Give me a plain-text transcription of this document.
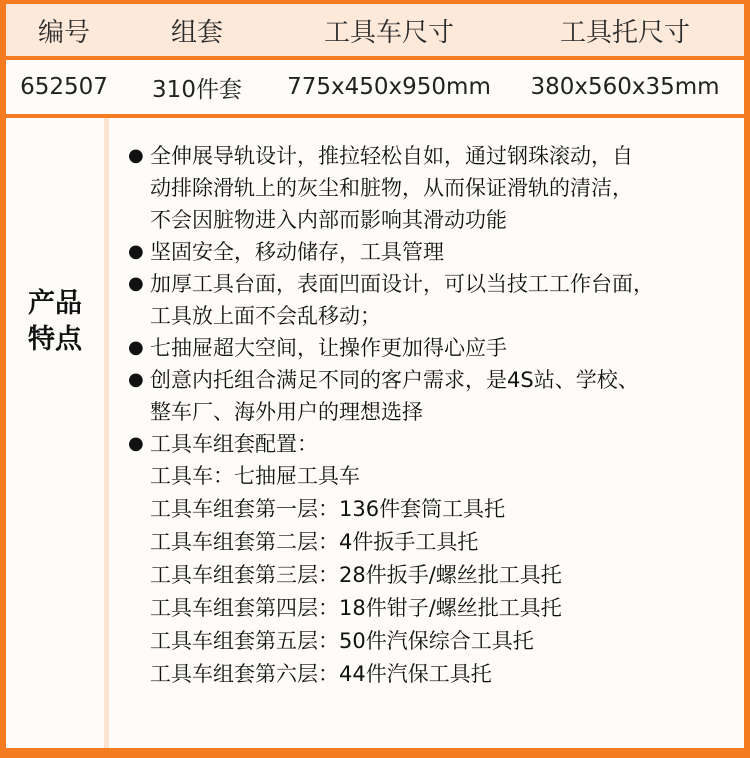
编号	组套	工具车尺寸	工具托尺寸
652507	310件套	775x450x950mm	380x560x35mm
产品
特点
● 全伸展导轨设计，推拉轻松自如，通过钢珠滚动，自
动排除滑轨上的灰尘和脏物，从而保证滑轨的清洁，
不会因脏物进入内部而影响其滑动功能
● 坚固安全，移动储存，工具管理
● 加厚工具台面，表面凹面设计，可以当技工工作台面，
工具放上面不会乱移动；
● 七抽屉超大空间，让操作更加得心应手
● 创意内托组合满足不同的客户需求，是4S站、学校、
整车厂、海外用户的理想选择
● 工具车组套配置：
工具车：七抽屉工具车
工具车组套第一层：136件套筒工具托
工具车组套第二层：4件扳手工具托
工具车组套第三层：28件扳手/螺丝批工具托
工具车组套第四层：18件钳子/螺丝批工具托
工具车组套第五层：50件汽保综合工具托
工具车组套第六层：44件汽保工具托
